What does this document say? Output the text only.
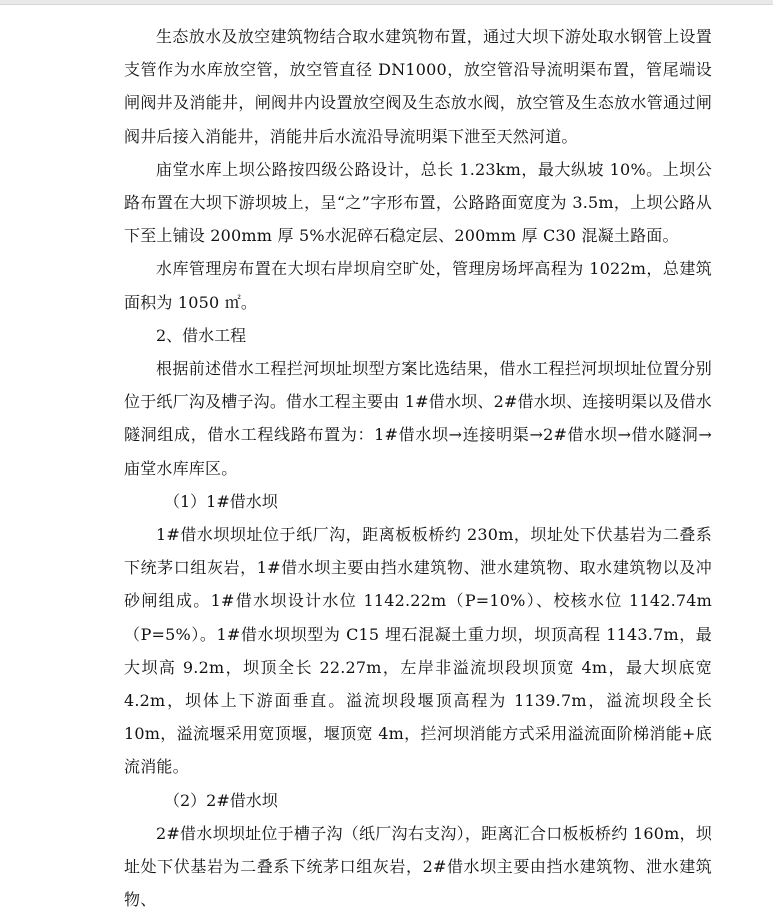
生态放水及放空建筑物结合取水建筑物布置，通过大坝下游处取水钢管上设置支管作为水库放空管，放空管直径 DN1000，放空管沿导流明渠布置，管尾端设闸阀井及消能井，闸阀井内设置放空阀及生态放水阀，放空管及生态放水管通过闸阀井后接入消能井，消能井后水流沿导流明渠下泄至天然河道。

庙堂水库上坝公路按四级公路设计，总长 1.23km，最大纵坡 10%。上坝公路布置在大坝下游坝坡上，呈“之”字形布置，公路路面宽度为 3.5m，上坝公路从下至上铺设 200mm 厚 5%水泥碎石稳定层、200mm 厚 C30 混凝土路面。

水库管理房布置在大坝右岸坝肩空旷处，管理房场坪高程为 1022m，总建筑面积为 1050 ㎡。

2、借水工程

根据前述借水工程拦河坝址坝型方案比选结果，借水工程拦河坝坝址位置分别位于纸厂沟及槽子沟。借水工程主要由 1#借水坝、2#借水坝、连接明渠以及借水隧洞组成，借水工程线路布置为：1#借水坝→连接明渠→2#借水坝→借水隧洞→庙堂水库库区。

（1）1#借水坝

1#借水坝坝址位于纸厂沟，距离板板桥约 230m，坝址处下伏基岩为二叠系下统茅口组灰岩，1#借水坝主要由挡水建筑物、泄水建筑物、取水建筑物以及冲砂闸组成。1#借水坝设计水位 1142.22m（P=10%）、校核水位 1142.74m（P=5%）。1#借水坝坝型为 C15 埋石混凝土重力坝，坝顶高程 1143.7m，最大坝高 9.2m，坝顶全长 22.27m，左岸非溢流坝段坝顶宽 4m，最大坝底宽 4.2m，坝体上下游面垂直。溢流坝段堰顶高程为 1139.7m，溢流坝段全长 10m，溢流堰采用宽顶堰，堰顶宽 4m，拦河坝消能方式采用溢流面阶梯消能+底流消能。

（2）2#借水坝

2#借水坝坝址位于槽子沟（纸厂沟右支沟），距离汇合口板板桥约 160m，坝址处下伏基岩为二叠系下统茅口组灰岩，2#借水坝主要由挡水建筑物、泄水建筑物、
